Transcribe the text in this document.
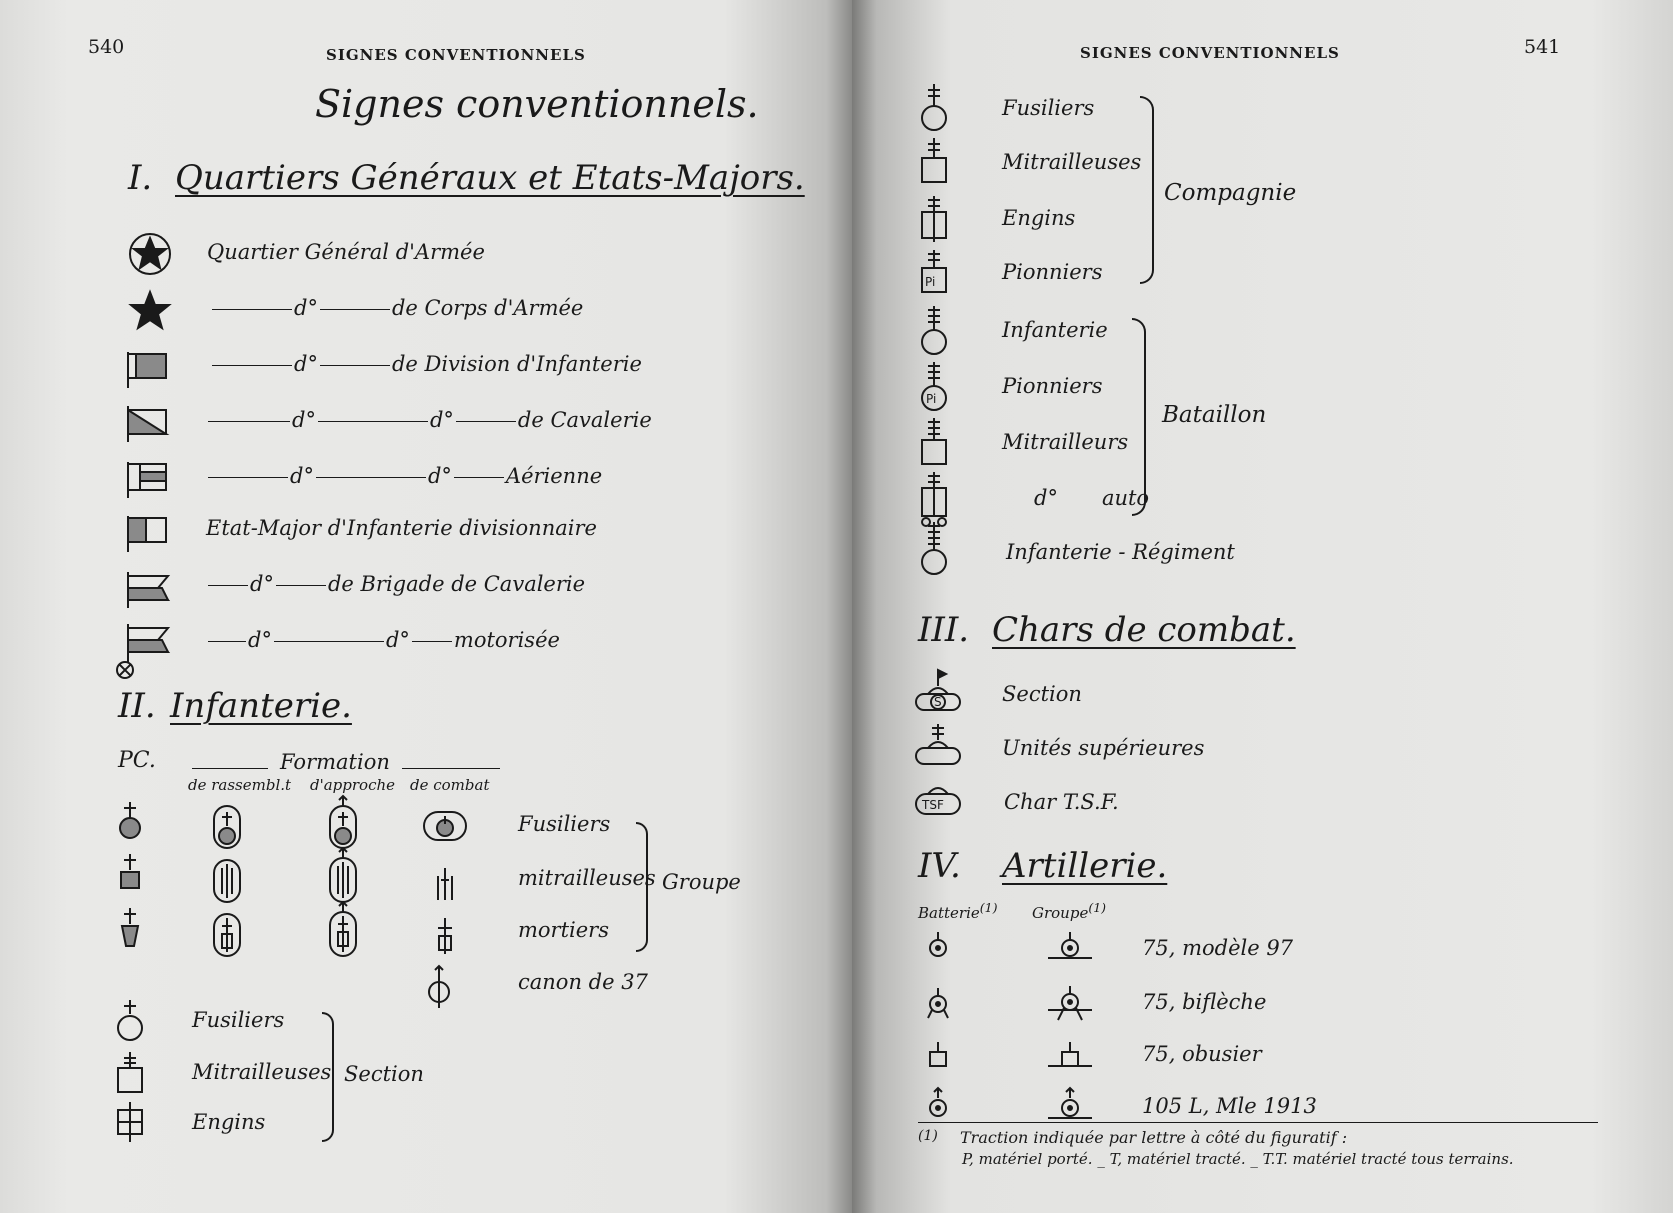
540	SIGNES CONVENTIONNELS
Signes conventionnels.
I. Quartiers Généraux et Etats-Majors.
Quartier Général d'Armée
d°	de Corps d'Armée
d°	de Division d'Infanterie
d°	d°	de Cavalerie
d°	d°	Aérienne
Etat-Major d'Infanterie divisionnaire
d°	de Brigade de Cavalerie
d°	d° motorisée
II. Infanterie.
PC.	Formation
de rassembl.t d'approche de combat
Fusiliers
mitrailleuses
mortiers
canon de 37
Groupe
Fusiliers
Mitrailleuses
Engins
Section
SIGNES CONVENTIONNELS	541
Fusiliers
Mitrailleuses
Engins
Pi	Pionniers
Compagnie
Infanterie
Pi
Pionniers
Mitrailleurs
d° auto
Bataillon
Infanterie - Régiment
III. Chars de combat.
S	Section
Unités supérieures
TSF	Char T.S.F.
IV. Artillerie.
Batterie$^{(1)}$ Groupe$^{(1)}$
75, modèle 97
75, biflèche
75, obusier
105 L, Mle 1913
(1) Traction indiquée par lettre à côté du figuratif :
P, matériel porté. _ T, matériel tracté. _ T.T. matériel tracté tous terrains.
